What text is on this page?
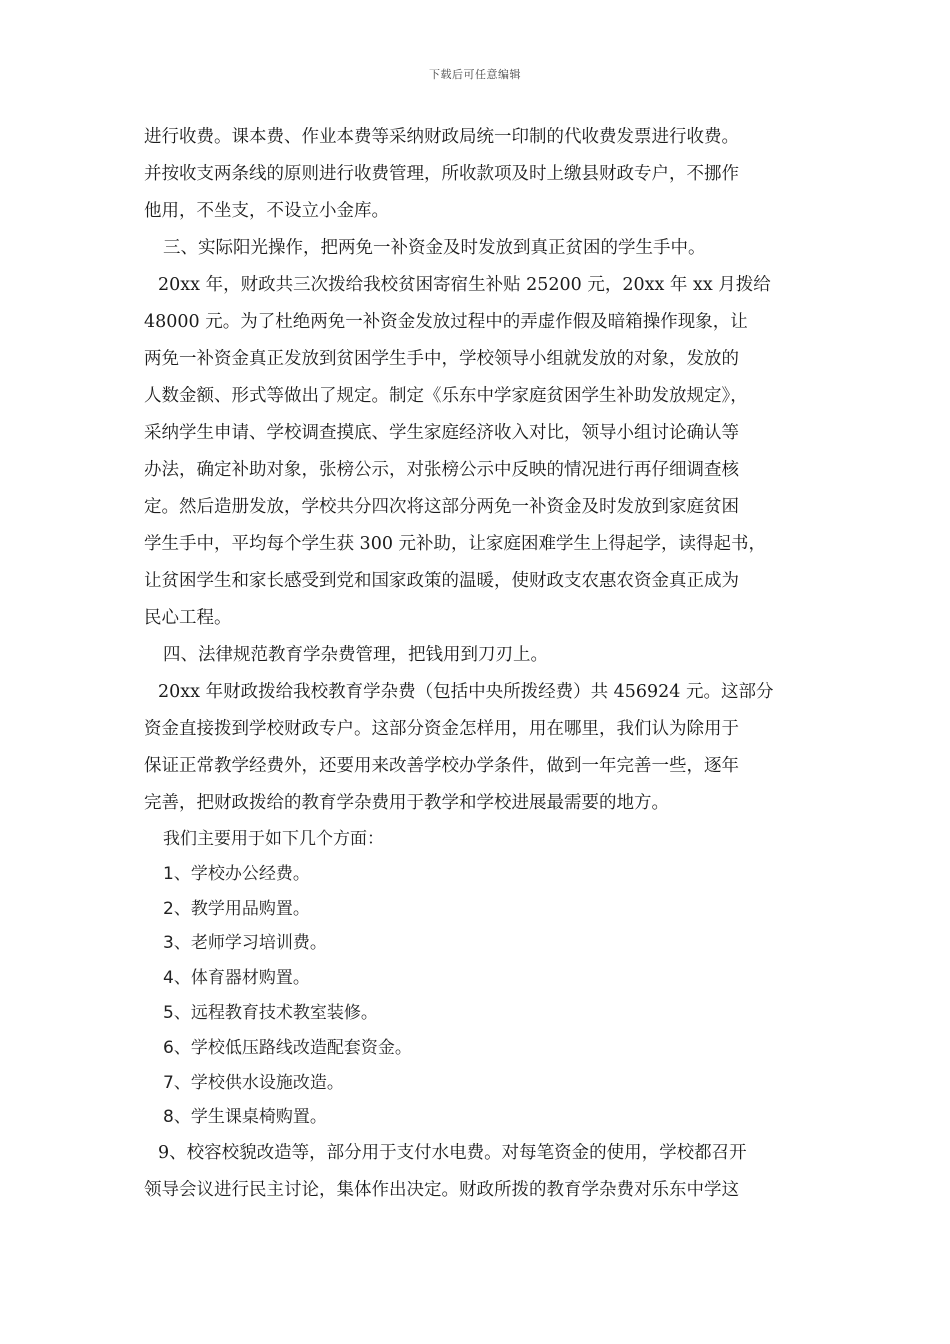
下载后可任意编辑
进行收费。课本费、作业本费等采纳财政局统一印制的代收费发票进行收费。
并按收支两条线的原则进行收费管理，所收款项及时上缴县财政专户，不挪作
他用，不坐支，不设立小金库。
三、实际阳光操作，把两免一补资金及时发放到真正贫困的学生手中。
20xx 年，财政共三次拨给我校贫困寄宿生补贴 25200 元，20xx 年 xx 月拨给
48000 元。为了杜绝两免一补资金发放过程中的弄虚作假及暗箱操作现象，让
两免一补资金真正发放到贫困学生手中，学校领导小组就发放的对象，发放的
人数金额、形式等做出了规定。制定《乐东中学家庭贫困学生补助发放规定》，
采纳学生申请、学校调查摸底、学生家庭经济收入对比，领导小组讨论确认等
办法，确定补助对象，张榜公示，对张榜公示中反映的情况进行再仔细调查核
定。然后造册发放，学校共分四次将这部分两免一补资金及时发放到家庭贫困
学生手中，平均每个学生获 300 元补助，让家庭困难学生上得起学，读得起书，
让贫困学生和家长感受到党和国家政策的温暖，使财政支农惠农资金真正成为
民心工程。
四、法律规范教育学杂费管理，把钱用到刀刃上。
20xx 年财政拨给我校教育学杂费（包括中央所拨经费）共 456924 元。这部分
资金直接拨到学校财政专户。这部分资金怎样用，用在哪里，我们认为除用于
保证正常教学经费外，还要用来改善学校办学条件，做到一年完善一些，逐年
完善，把财政拨给的教育学杂费用于教学和学校进展最需要的地方。
我们主要用于如下几个方面：
1、学校办公经费。
2、教学用品购置。
3、老师学习培训费。
4、体育器材购置。
5、远程教育技术教室装修。
6、学校低压路线改造配套资金。
7、学校供水设施改造。
8、学生课桌椅购置。
9、校容校貌改造等，部分用于支付水电费。对每笔资金的使用，学校都召开
领导会议进行民主讨论，集体作出决定。财政所拨的教育学杂费对乐东中学这
